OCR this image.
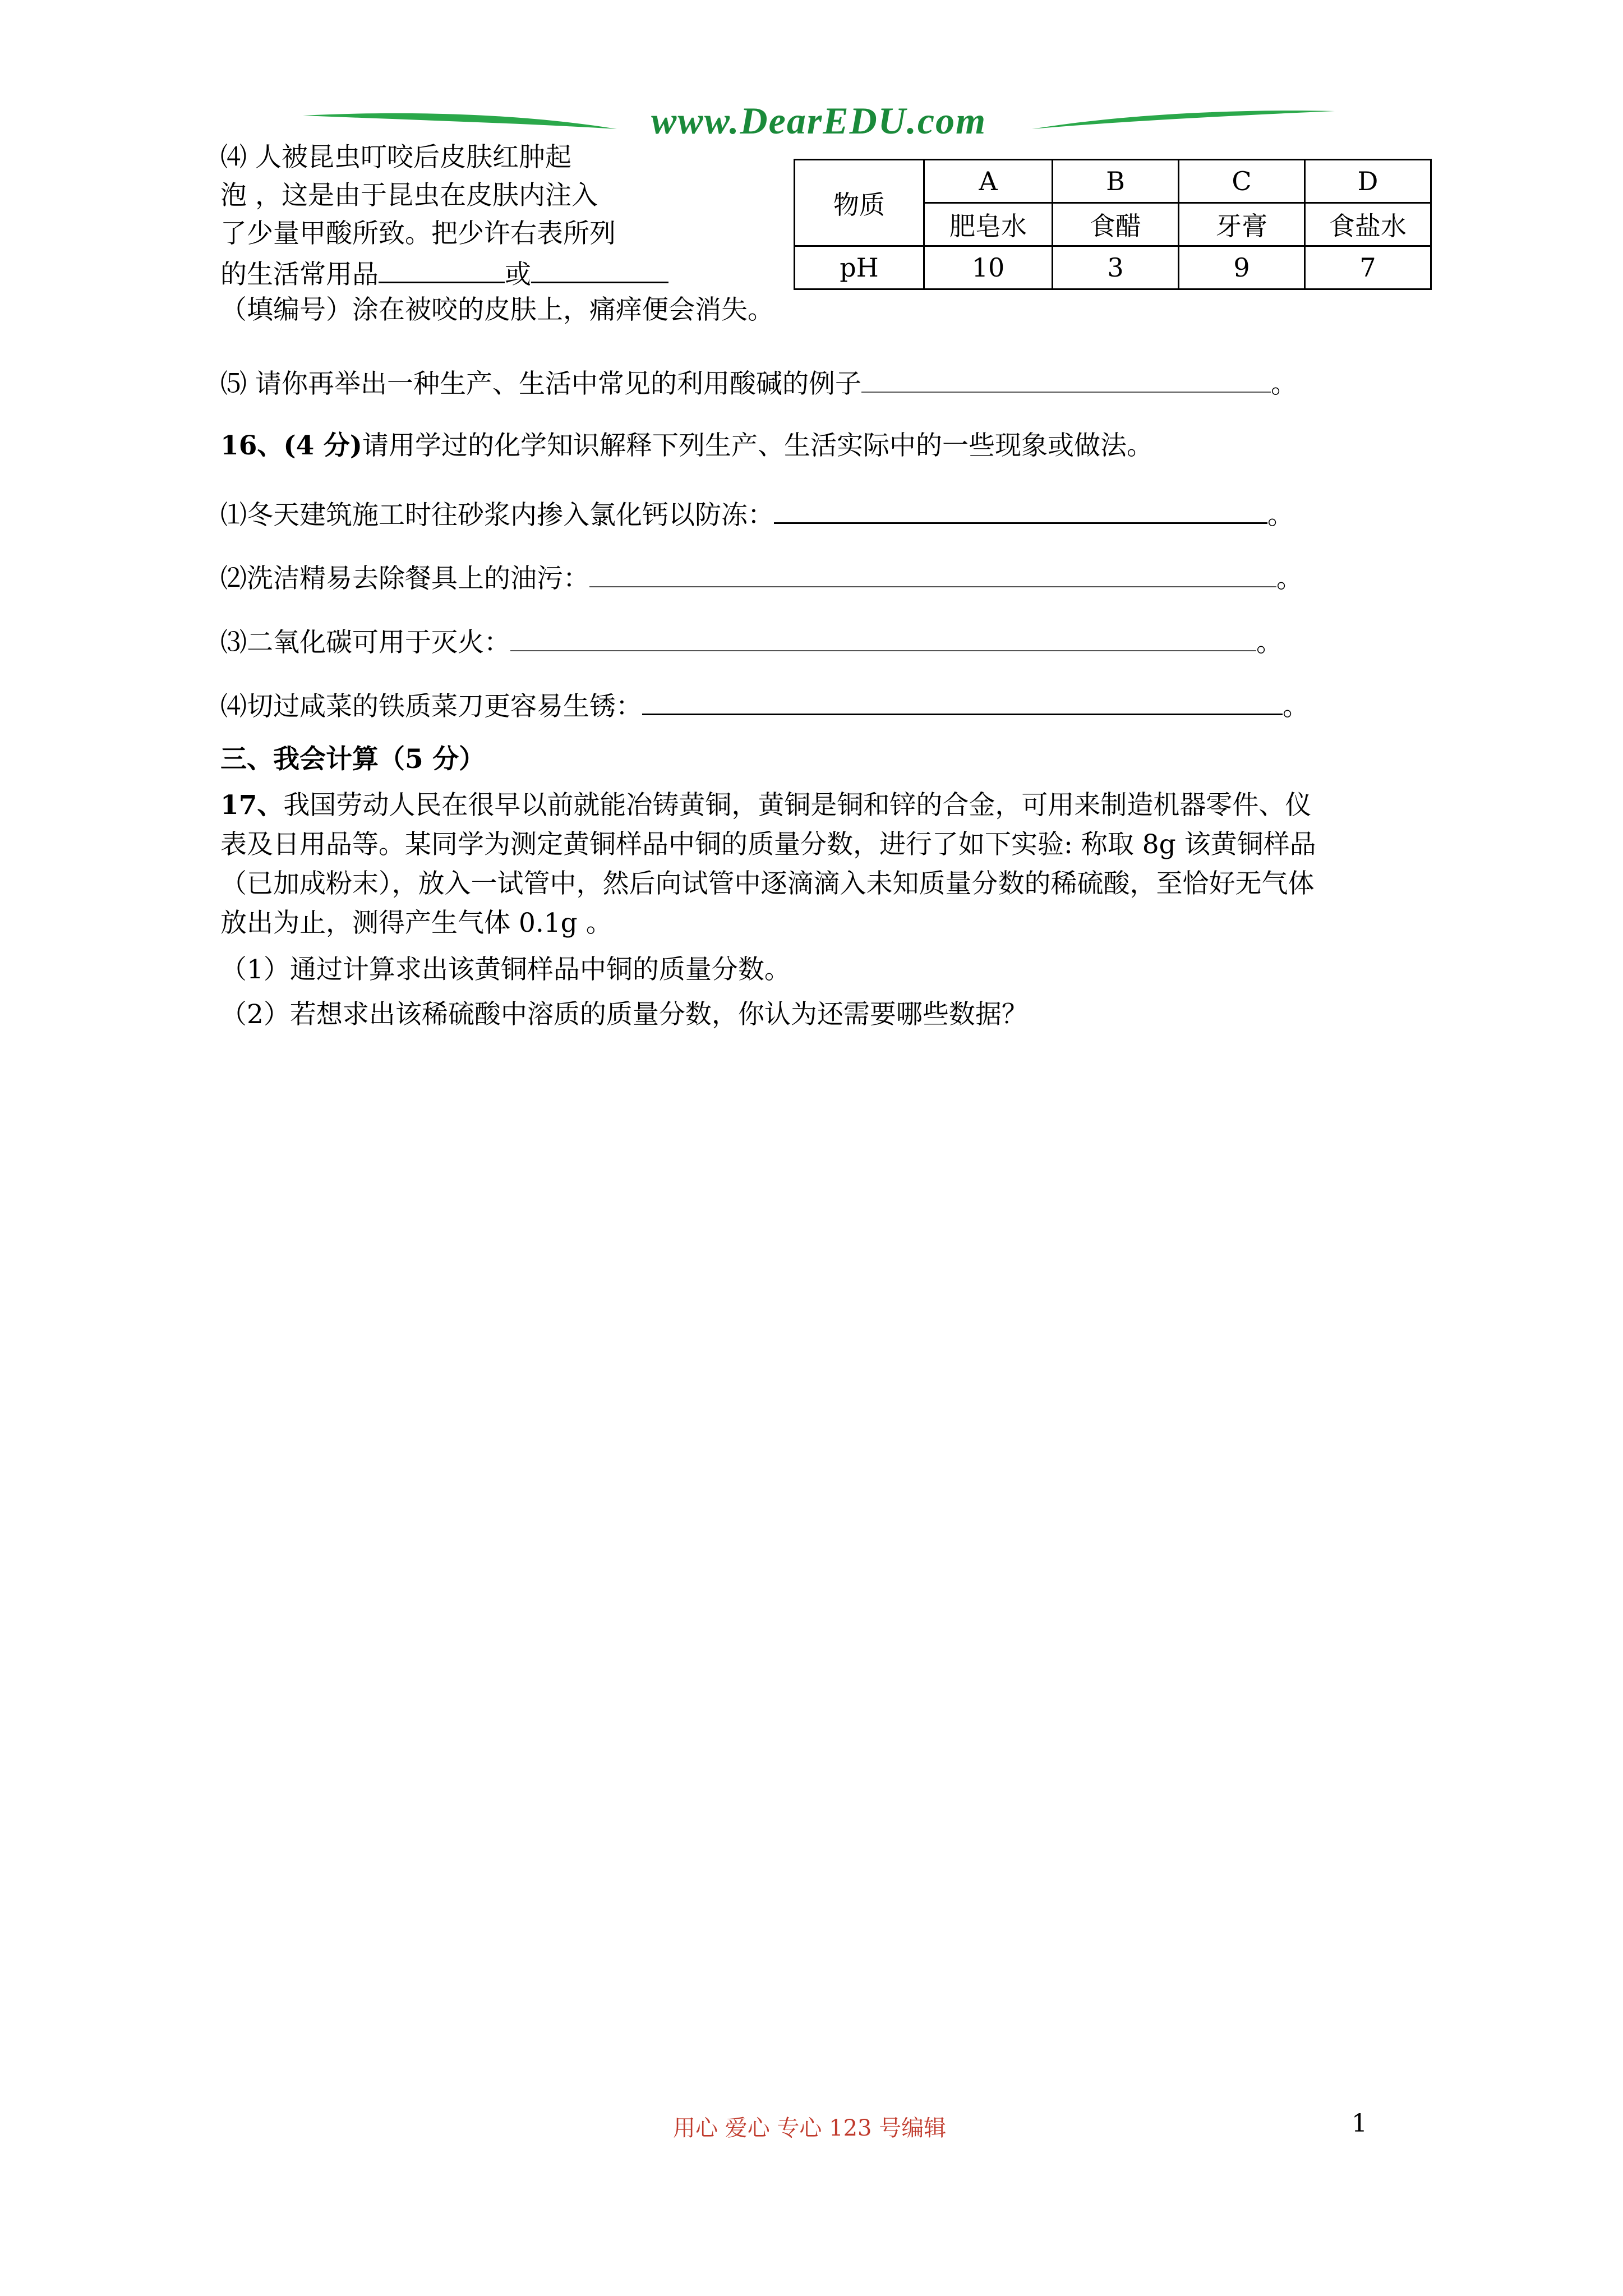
www.DearEDU.com
⑷ 人被昆虫叮咬后皮肤红肿起
泡 ，这是由于昆虫在皮肤内注入
了少量甲酸所致。把少许右表所列
的生活常用品	或
（填编号）涂在被咬的皮肤上，痛痒便会消失。
物质	A	B	C	D
	肥皂水	食醋	牙膏	食盐水
pH	10	3	9	7
⑸ 请你再举出一种生产、生活中常见的利用酸碱的例子	。
16、(4 分)请用学过的化学知识解释下列生产、生活实际中的一些现象或做法。
⑴冬天建筑施工时往砂浆内掺入氯化钙以防冻：	。
⑵洗洁精易去除餐具上的油污：	。
⑶二氧化碳可用于灭火：	。
⑷切过咸菜的铁质菜刀更容易生锈：	。
三、我会计算（5 分）
17、我国劳动人民在很早以前就能冶铸黄铜，黄铜是铜和锌的合金，可用来制造机器零件、仪
表及日用品等。某同学为测定黄铜样品中铜的质量分数，进行了如下实验: 称取 8g 该黄铜样品
（已加成粉末），放入一试管中，然后向试管中逐滴滴入未知质量分数的稀硫酸，至恰好无气体
放出为止，测得产生气体 0.1g 。
（1）通过计算求出该黄铜样品中铜的质量分数。
（2）若想求出该稀硫酸中溶质的质量分数，你认为还需要哪些数据？
用心 爱心 专心 123 号编辑	1
